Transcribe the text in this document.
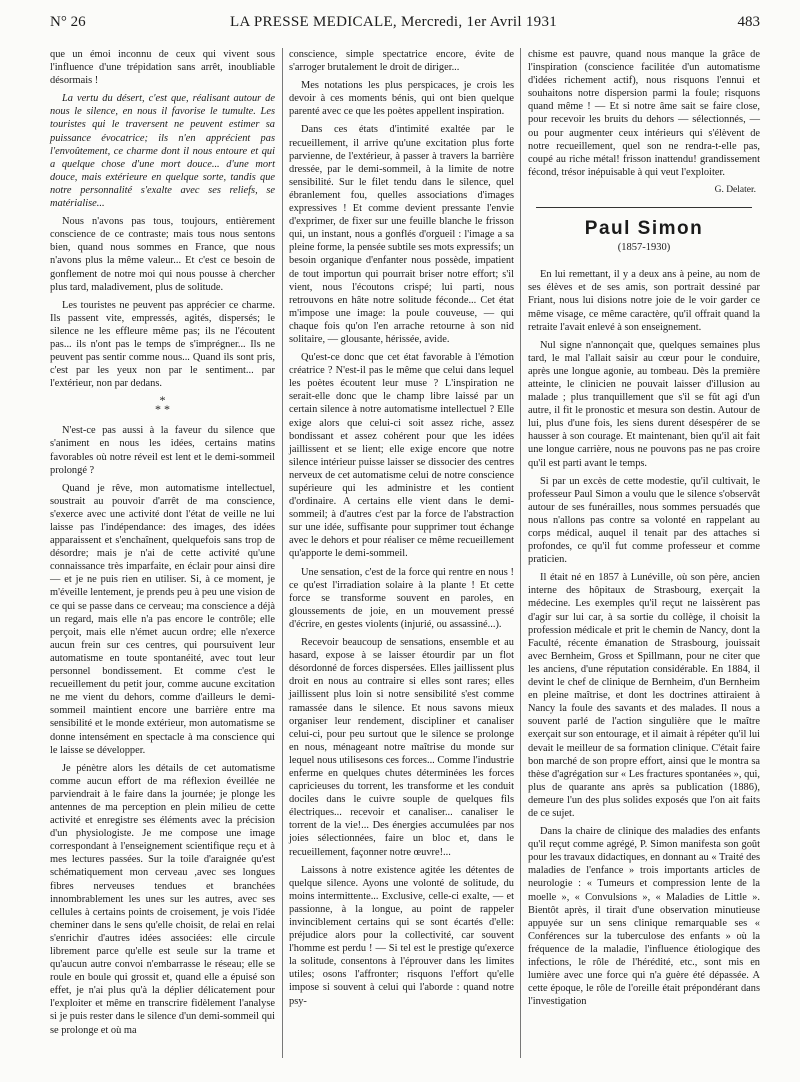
N° 26	LA PRESSE MEDICALE, Mercredi, 1er Avril 1931	483

que un émoi inconnu de ceux qui vivent sous l'influence d'une trépidation sans arrêt, inoubliable désormais !

La vertu du désert, c'est que, réalisant autour de nous le silence, en nous il favorise le tumulte. Les touristes qui le traversent ne peuvent estimer sa puissance évocatrice; ils n'en apprécient pas l'envoûtement, ce charme dont il nous entoure et qui a quelque chose d'une mort douce... d'une mort douce, mais extérieure en quelque sorte, tandis que notre personnalité s'exalte avec ses reliefs, se matérialise...

Nous n'avons pas tous, toujours, entièrement conscience de ce contraste; mais tous nous sentons bien, quand nous sommes en France, que nous n'avons plus la même valeur... Et c'est ce besoin de gonflement de notre moi qui nous pousse à chercher plus tard, maladivement, plus de solitude.

Les touristes ne peuvent pas apprécier ce charme. Ils passent vite, empressés, agités, dispersés; le silence ne les effleure même pas; ils ne l'écoutent pas... ils n'ont pas le temps de s'imprégner... Ils ne peuvent pas sentir comme nous... Quand ils sont pris, c'est par les yeux non par le sentiment... par l'extérieur, non par dedans.

*
* *

N'est-ce pas aussi à la faveur du silence que s'animent en nous les idées, certains matins favorables où notre réveil est lent et le demi-sommeil prolongé ?

Quand je rêve, mon automatisme intellectuel, soustrait au pouvoir d'arrêt de ma conscience, s'exerce avec une activité dont l'état de veille ne lui laisse pas l'indépendance: des images, des idées apparaissent et s'enchaînent, quelquefois sans trop de désordre; mais je n'ai de cette activité qu'une connaissance très imparfaite, en éclair pour ainsi dire — et je ne puis rien en utiliser. Si, à ce moment, je m'éveille lentement, je prends peu à peu une vision de ce qui se passe dans ce cerveau; ma conscience a déjà un regard, mais elle n'a pas encore le contrôle; elle perçoit, mais elle n'émet aucun ordre; elle n'exerce aucun frein sur ces centres, qui poursuivent leur automatisme en toute spontanéité, avec tout leur personnel bondissement. Et comme c'est le recueillement du petit jour, comme aucune excitation ne me vient du dehors, comme d'ailleurs le demi-sommeil maintient encore une barrière entre ma sensibilité et le monde extérieur, mon automatisme se donne intensément en spectacle à ma conscience qui le laisse se développer.

Je pénètre alors les détails de cet automatisme comme aucun effort de ma réflexion éveillée ne parviendrait à le faire dans la journée; je plonge les antennes de ma perception en plein milieu de cette activité et enregistre ses éléments avec la précision d'un physiologiste. Je me compose une image correspondant à l'enseignement scientifique reçu et à mes lectures passées. Sur la toile d'araignée qu'est schématiquement mon cerveau ,avec ses longues fibres nerveuses tendues et branchées innombrablement les unes sur les autres, avec ses cellules à certains points de croisement, je vois l'idée cheminer dans le sens qu'elle choisit, de relai en relai s'enrichir d'autres idées associées: elle circule librement parce qu'elle est seule sur la trame et qu'aucun autre convoi n'embarrasse le réseau; elle se roule en boule qui grossit et, quand elle a épuisé son effet, je n'ai plus qu'à la déplier délicatement pour l'exploiter et même en transcrire fidèlement l'analyse si je puis rester dans le silence d'un demi-sommeil qui se prolonge et où ma

conscience, simple spectatrice encore, évite de s'arroger brutalement le droit de diriger...

Mes notations les plus perspicaces, je crois les devoir à ces moments bénis, qui ont bien quelque parenté avec ce que les poètes appellent inspiration.

Dans ces états d'intimité exaltée par le recueillement, il arrive qu'une excitation plus forte parvienne, de l'extérieur, à passer à travers la barrière dressée, par le demi-sommeil, à la limite de notre sensibilité. Sur le filet tendu dans le silence, quel ébranlement fou, quelles associations d'images expressives ! Et comme devient pressante l'envie d'exprimer, de fixer sur une feuille blanche le frisson qui, un instant, nous a gonflés d'orgueil : l'image a sa pleine forme, la pensée subtile ses mots expressifs; un besoin organique d'enfanter nous possède, impatient de tout importun qui pourrait briser notre effort; s'il vient, nous l'écoutons crispé; lui parti, nous retrouvons en hâte notre solitude féconde... Cet état m'impose une image: la poule couveuse, — qui chaque fois qu'on l'en arrache retourne à son nid solitaire, — glousante, hérissée, avide.

Qu'est-ce donc que cet état favorable à l'émotion créatrice ? N'est-il pas le même que celui dans lequel les poètes écoutent leur muse ? L'inspiration ne serait-elle donc que le champ libre laissé par un certain silence à notre automatisme intellectuel ? Elle exige alors que celui-ci soit assez riche, assez bondissant et assez cohérent pour que les idées jaillissent et se lient; elle exige encore que notre silence intérieur puisse laisser se dissocier des centres nerveux de cet automatisme celui de notre conscience supérieure qui les administre et les contient d'ordinaire. A certains elle vient dans le demi-sommeil; à d'autres c'est par la force de l'abstraction sur une idée, suffisante pour supprimer tout échange avec le dehors et pour réaliser ce même recueillement qu'apporte le demi-sommeil.

Une sensation, c'est de la force qui rentre en nous ! ce qu'est l'irradiation solaire à la plante ! Et cette force se transforme souvent en paroles, en gloussements de joie, en un mouvement pressé d'écrire, en gestes violents (injurié, ou assassiné...).

Recevoir beaucoup de sensations, ensemble et au hasard, expose à se laisser étourdir par un flot désordonné de forces dispersées. Elles jaillissent plus droit en nous au contraire si elles sont rares; elles jaillissent plus loin si notre sensibilité s'est comme ramassée dans le silence. Et nous savons mieux organiser leur rendement, discipliner et canaliser celui-ci, pour peu surtout que le silence se prolonge en nous, ménageant notre maîtrise du monde sur lequel nous utilisesons ces forces... Comme l'industrie enferme en quelques chutes déterminées les forces capricieuses du torrent, les transforme et les conduit dociles dans le cuivre souple de quelques fils électriques... recevoir et canaliser... canaliser le torrent de la vie!... Des énergies accumulées par nos joies sélectionnées, faire un bloc et, dans le recueillement, façonner notre œuvre!...

Laissons à notre existence agitée les détentes de quelque silence. Ayons une volonté de solitude, du moins intermittente... Exclusive, celle-ci exalte, — et passionne, à la longue, au point de rappeler invinciblement certains qui se sont écartés d'elle: préjudice alors pour la collectivité, car souvent l'homme est perdu ! — Si tel est le prestige qu'exerce la solitude, consentons à l'éprouver dans les limites utiles; osons l'affronter; risquons l'effort qu'elle impose si souvent à celui qui l'aborde : quand notre psy-

chisme est pauvre, quand nous manque la grâce de l'inspiration (conscience facilitée d'un automatisme d'idées richement actif), nous risquons l'ennui et souhaitons notre dispersion parmi la foule; risquons quand même ! — Et si notre âme sait se faire close, pour recevoir les bruits du dehors — sélectionnés, — ou pour augmenter ceux intérieurs qui s'élèvent de notre recueillement, quel son ne rendra-t-elle pas, coupé au riche métal! frisson inattendu! grandissement fécond, trésor inépuisable à qui veut l'exploiter.

G. Delater.
Paul Simon
(1857-1930)

En lui remettant, il y a deux ans à peine, au nom de ses élèves et de ses amis, son portrait dessiné par Friant, nous lui disions notre joie de le voir garder ce même visage, ce même caractère, qu'il offrait quand la retraite l'avait enlevé à son enseignement.

Nul signe n'annonçait que, quelques semaines plus tard, le mal l'allait saisir au cœur pour le conduire, après une longue agonie, au tombeau. Dès la première atteinte, le clinicien ne pouvait laisser d'illusion au malade ; plus tranquillement que s'il se fût agi d'un autre, il fit le pronostic et mesura son destin. Autour de lui, plus d'une fois, les siens durent désespérer de se hausser à son courage. Et maintenant, bien qu'il ait fait une longue carrière, nous ne pouvons pas ne pas croire qu'il est parti avant le temps.

Si par un excès de cette modestie, qu'il cultivait, le professeur Paul Simon a voulu que le silence s'observât autour de ses funérailles, nous sommes persuadés que nous n'allons pas contre sa volonté en rappelant au corps médical, auquel il tenait par des attaches si profondes, ce qu'il fut comme professeur et comme praticien.

Il était né en 1857 à Lunéville, où son père, ancien interne des hôpitaux de Strasbourg, exerçait la médecine. Les exemples qu'il reçut ne laissèrent pas d'agir sur lui car, à sa sortie du collège, il choisit la profession médicale et prit le chemin de Nancy, dont la Faculté, récente émanation de Strasbourg, jouissait avec Bernheim, Gross et Spillmann, pour ne citer que les anciens, d'une réputation considérable. En 1884, il devint le chef de clinique de Bernheim, d'un Bernheim en pleine maîtrise, et dont les doctrines attiraient à Nancy la foule des savants et des malades. Il nous a souvent parlé de l'action singulière que le maître exerçait sur son entourage, et il aimait à répéter qu'il lui devait le meilleur de sa formation clinique. C'était faire bon marché de son propre effort, ainsi que le montra sa thèse d'agrégation sur « Les fractures spontanées », qui, plus de quarante ans après sa publication (1886), demeure l'un des plus solides exposés que l'on ait faits de ce sujet.

Dans la chaire de clinique des maladies des enfants qu'il reçut comme agrégé, P. Simon manifesta son goût pour les travaux didactiques, en donnant au « Traité des maladies de l'enfance » trois importants articles de neurologie : « Tumeurs et compression lente de la moelle », « Convulsions », « Maladies de Little ». Bientôt après, il tirait d'une observation minutieuse appuyée sur un sens clinique remarquable ses « Conférences sur la tuberculose des enfants » où la fréquence de la maladie, l'influence étiologique des infections, le rôle de l'hérédité, etc., sont mis en lumière avec une force qui n'a guère été dépassée. A cette époque, le rôle de l'oreille était prépondérant dans l'investigation
